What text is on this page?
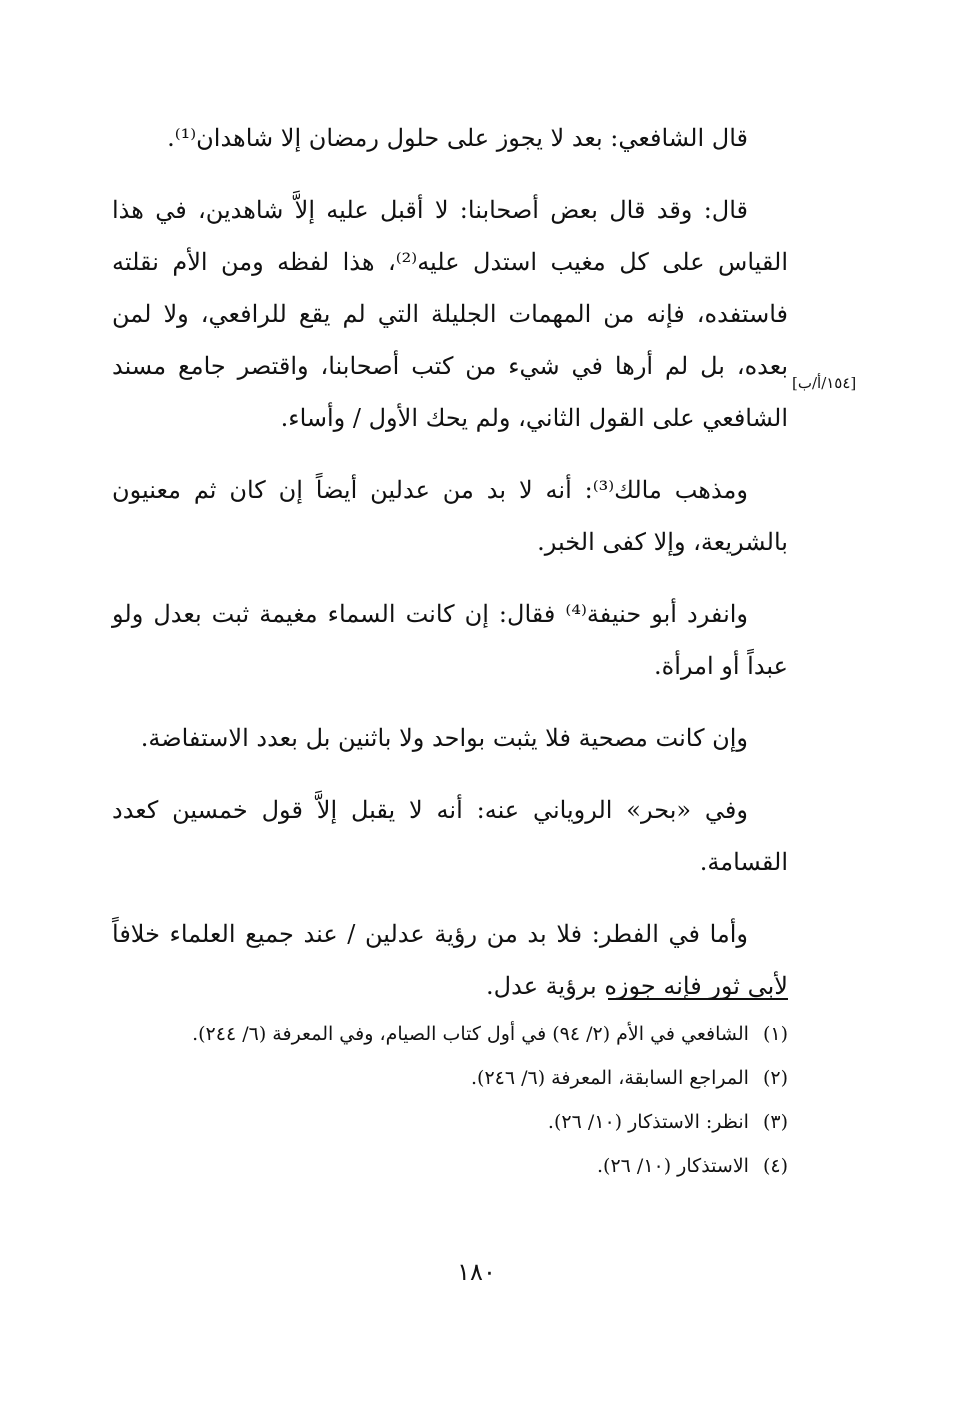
قال الشافعي: بعد لا يجوز على حلول رمضان إلا شاهدان⁽¹⁾.

قال: وقد قال بعض أصحابنا: لا أقبل عليه إلاَّ شاهدين، في هذا القياس على كل مغيب استدل عليه⁽²⁾، هذا لفظه ومن الأم نقلته فاستفده، فإنه من المهمات الجليلة التي لم يقع للرافعي، ولا لمن بعده، بل لم أرها في شيء من كتب أصحابنا، واقتصر جامع مسند الشافعي على القول الثاني، ولم يحك الأول / وأساء.

ومذهب مالك⁽³⁾: أنه لا بد من عدلين أيضاً إن كان ثم معنيون بالشريعة، وإلا كفى الخبر.

وانفرد أبو حنيفة⁽⁴⁾ فقال: إن كانت السماء مغيمة ثبت بعدل ولو عبداً أو امرأة.

وإن كانت مصحية فلا يثبت بواحد ولا باثنين بل بعدد الاستفاضة.

وفي «بحر» الروياني عنه: أنه لا يقبل إلاَّ قول خمسين كعدد القسامة.

وأما في الفطر: فلا بد من رؤية عدلين / عند جميع العلماء خلافاً لأبي ثور فإنه جوزه برؤية عدل.

[١٥٤/أ/ب]

(١)الشافعي في الأم (٢/ ٩٤) في أول كتاب الصيام، وفي المعرفة (٦/ ٢٤٤).

(٢)المراجع السابقة، المعرفة (٦/ ٢٤٦).

(٣)انظر: الاستذكار (١٠/ ٢٦).

(٤)الاستذكار (١٠/ ٢٦).

١٨٠
